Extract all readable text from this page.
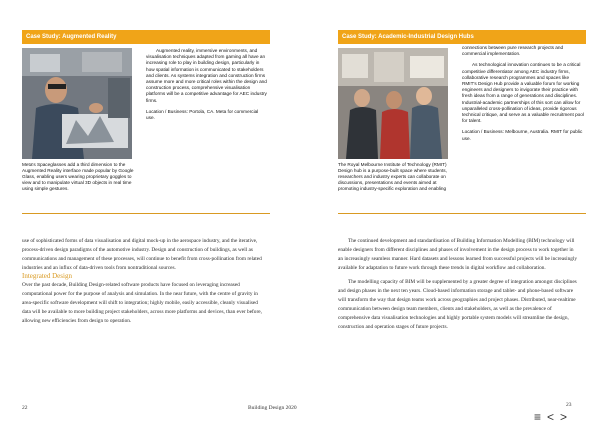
Case Study: Augmented Reality
Meta's Spaceglasses add a third dimension to the Augmented Reality interface made popular by Google Glass, enabling users wearing proprietary goggles to view and to manipulate virtual 3D objects in real time using simple gestures.

Augmented reality, immersive environments, and visualisation techniques adapted from gaming all have an increasing role to play in building design, particularly in how spatial information is communicated to stakeholders and clients. As systems integration and construction firms assume more and more critical roles within the design and construction process, comprehensive visualisation platforms will be a competitive advantage for AEC industry firms.

Location / Business: Portola, CA. Meta for commercial use.

Case Study: Academic-Industrial Design Hubs
The Royal Melbourne Institute of Technology (RMIT) Design hub is a purpose-built space where students, researchers and industry experts can collaborate on discussions, presentations and events aimed at promoting industry-specific exploration and enabling

connections between pure research projects and commercial implementation.

As technological innovation continues to be a critical competitive differentiator among AEC industry firms, collaborative research programmes and spaces like RMIT's Design Hub provide a valuable forum for working engineers and designers to invigorate their practice with fresh ideas from a range of generations and disciplines. Industrial-academic partnerships of this sort can allow for unparalleled cross-pollination of ideas, provide rigorous technical critique, and serve as a valuable recruitment pool for talent.

Location / Business: Melbourne, Australia. RMIT for public use.

use of sophisticated forms of data visualisation and digital mock-up in the aerospace industry, and the iterative, process-driven design paradigms of the automotive industry. Design and construction of buildings, as well as communications and management of these processes, will continue to benefit from cross-pollination from related industries and an influx of data-driven tools from nontraditional sources.

Integrated Design

Over the past decade, Building Design-related software products have focused on leveraging increased computational power for the purpose of analysis and simulation. In the near future, with the centre of gravity in area-specific software development will shift to integration; highly mobile, easily accessible, cleanly visualised data will be available to more building project stakeholders, across more platforms and devices, than ever before, allowing new efficiencies from design to operation.

The continued development and standardisation of Building Information Modelling (BIM) technology will enable designers from different disciplines and phases of involvement in the design process to work together in an increasingly seamless manner. Hard datasets and lessons learned from successful projects will be increasingly available for adaptation to future work through these trends in digital workflow and collaboration.

The modelling capacity of BIM will be supplemented by a greater degree of integration amongst disciplines and design phases in the next ten years. Cloud-based information storage and tablet- and phone-based software will transform the way that design teams work across geographies and project phases. Distributed, near-realtime communication between design team members, clients and stakeholders, as well as the prevalence of comprehensive data visualisation technologies and highly portable system models will streamline the design, construction and operation stages of future projects.

22	Building Design 2020	23
≡ < >
